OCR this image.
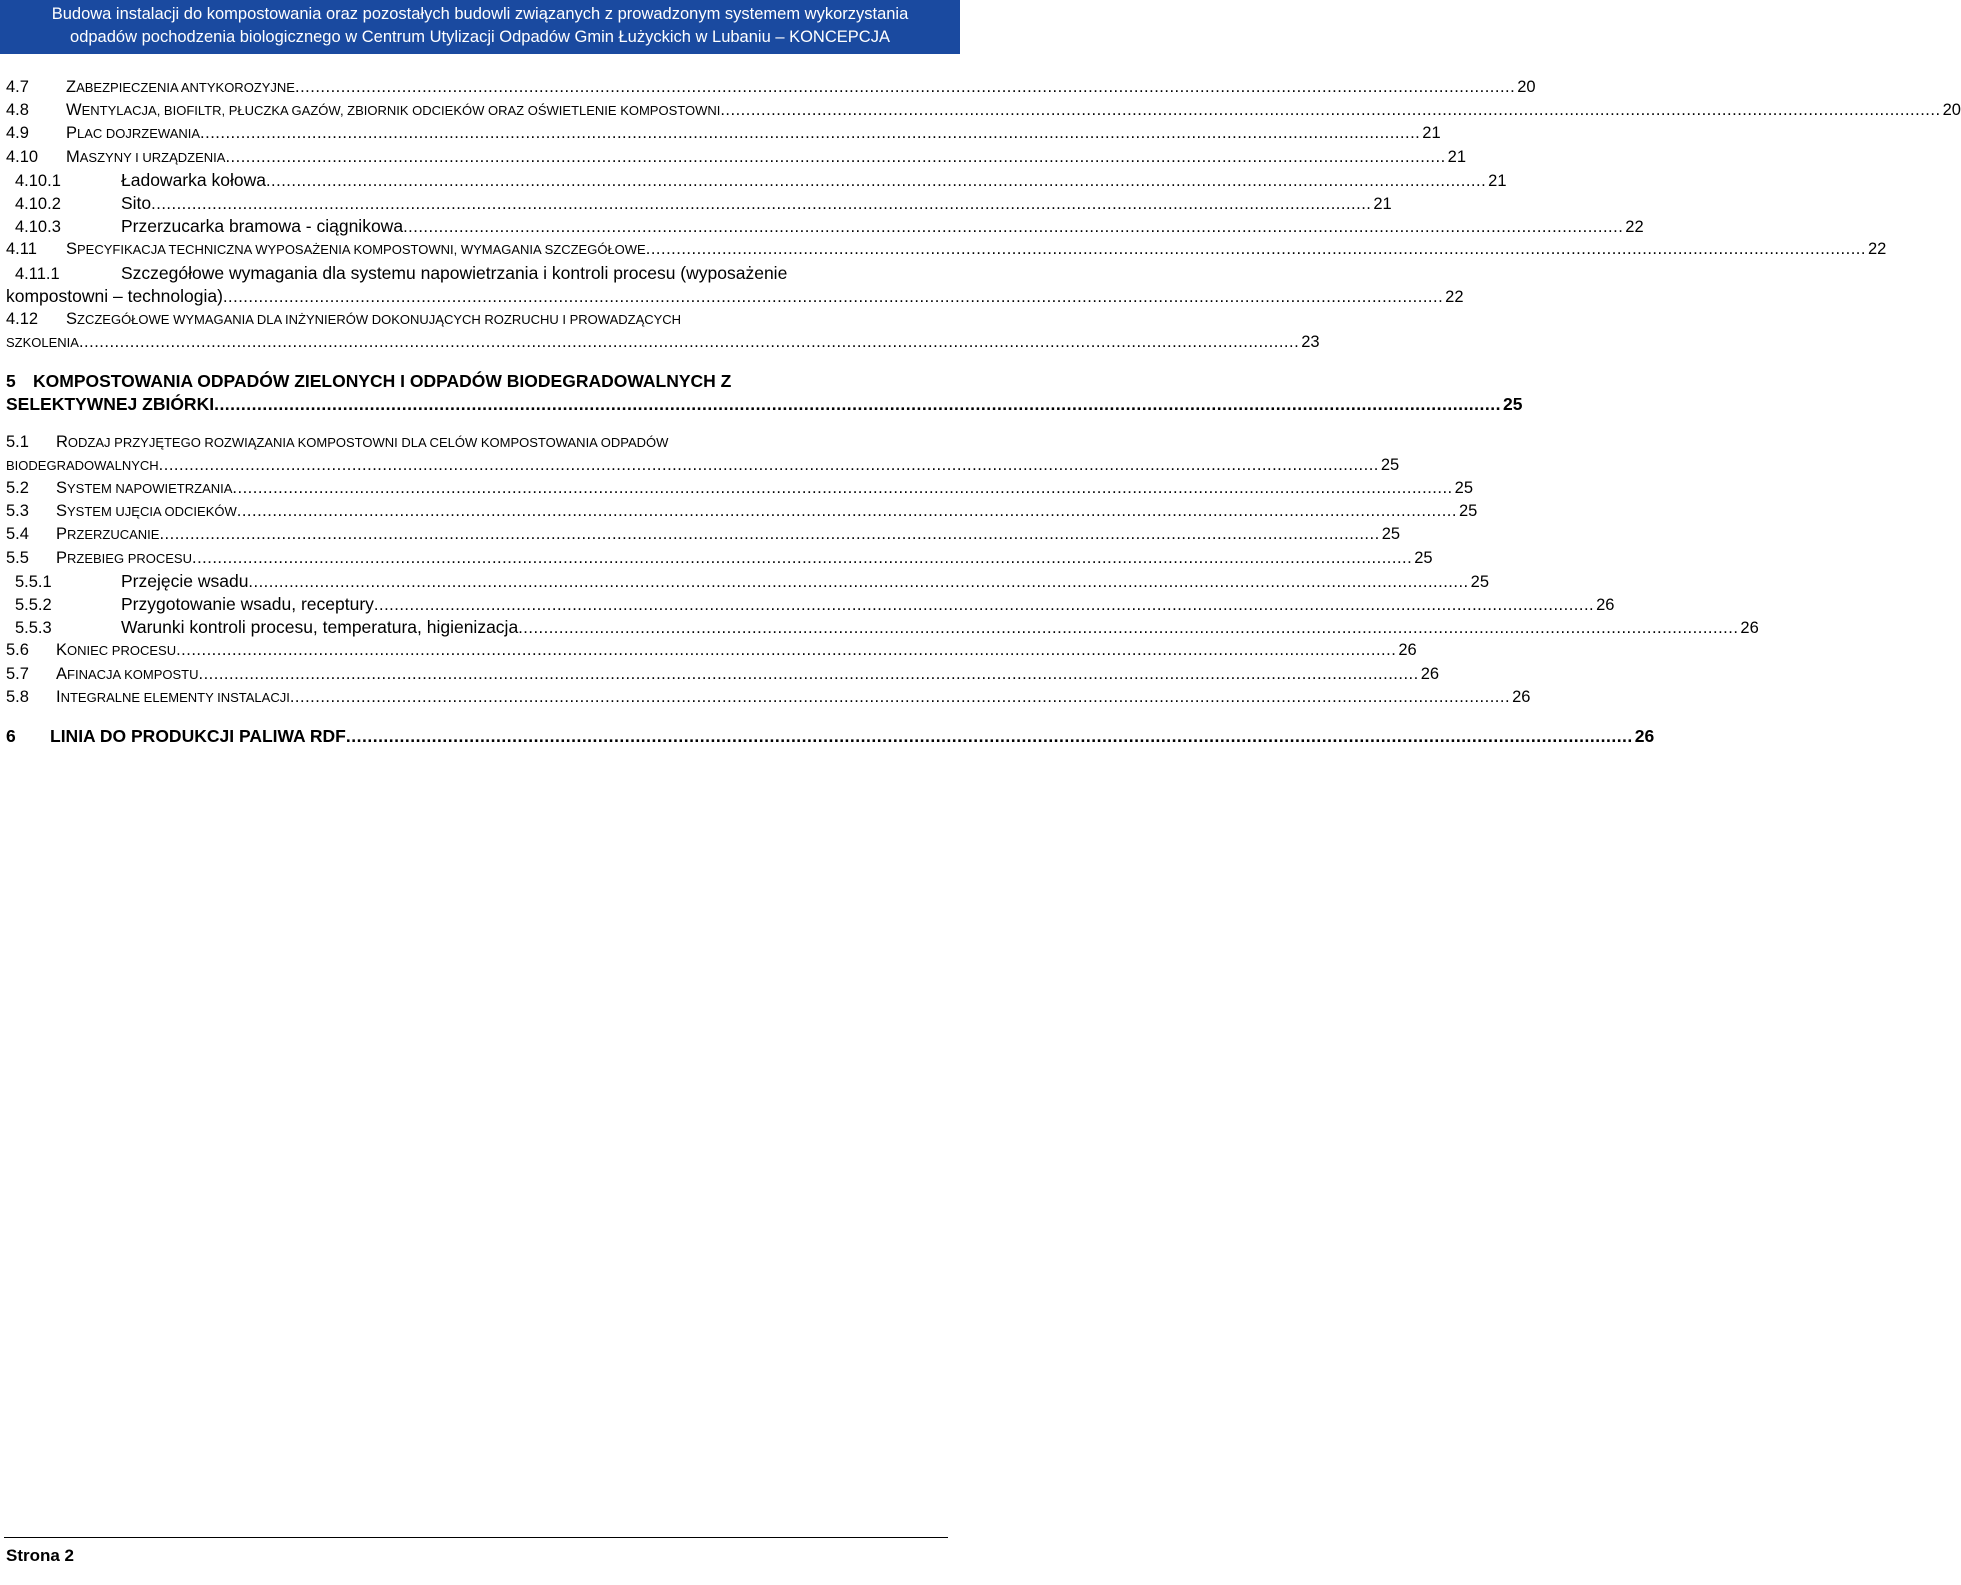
Budowa instalacji do kompostowania oraz pozostałych budowli związanych z prowadzonym systemem wykorzystania
odpadów pochodzenia biologicznego w Centrum Utylizacji Odpadów Gmin Łużyckich w Lubaniu – KONCEPCJA
4.7	ZABEZPIECZENIA ANTYKOROZYJNE .....	20
4.8	WENTYLACJA, BIOFILTR, PŁUCZKA GAZÓW, ZBIORNIK ODCIEKÓW ORAZ OŚWIETLENIE KOMPOSTOWNI .....	20
4.9	PLAC DOJRZEWANIA .....	21
4.10	MASZYNY I URZĄDZENIA .....	21
4.10.1	Ładowarka kołowa .....	21
4.10.2	Sito .....	21
4.10.3	Przerzucarka bramowa - ciągnikowa .....	22
4.11	SPECYFIKACJA TECHNICZNA WYPOSAŻENIA KOMPOSTOWNI, WYMAGANIA SZCZEGÓŁOWE .....	22
4.11.1	Szczegółowe wymagania dla systemu napowietrzania i kontroli procesu (wyposażenie
kompostowni – technologia) .....	22
4.12	SZCZEGÓŁOWE WYMAGANIA DLA INŻYNIERÓW DOKONUJĄCYCH ROZRUCHU I PROWADZĄCYCH
SZKOLENIA .....	23
5 KOMPOSTOWANIA ODPADÓW ZIELONYCH I ODPADÓW BIODEGRADOWALNYCH Z
SELEKTYWNEJ ZBIÓRKI .....	25
5.1	RODZAJ PRZYJĘTEGO ROZWIĄZANIA KOMPOSTOWNI DLA CELÓW KOMPOSTOWANIA ODPADÓW
BIODEGRADOWALNYCH .....	25
5.2	SYSTEM NAPOWIETRZANIA .....	25
5.3	SYSTEM UJĘCIA ODCIEKÓW .....	25
5.4	PRZERZUCANIE .....	25
5.5	PRZEBIEG PROCESU .....	25
5.5.1	Przejęcie wsadu .....	25
5.5.2	Przygotowanie wsadu, receptury .....	26
5.5.3	Warunki kontroli procesu, temperatura, higienizacja .....	26
5.6	KONIEC PROCESU .....	26
5.7	AFINACJA KOMPOSTU .....	26
5.8	INTEGRALNE ELEMENTY INSTALACJI .....	26
6	LINIA DO PRODUKCJI PALIWA RDF .....	26
Strona 2
